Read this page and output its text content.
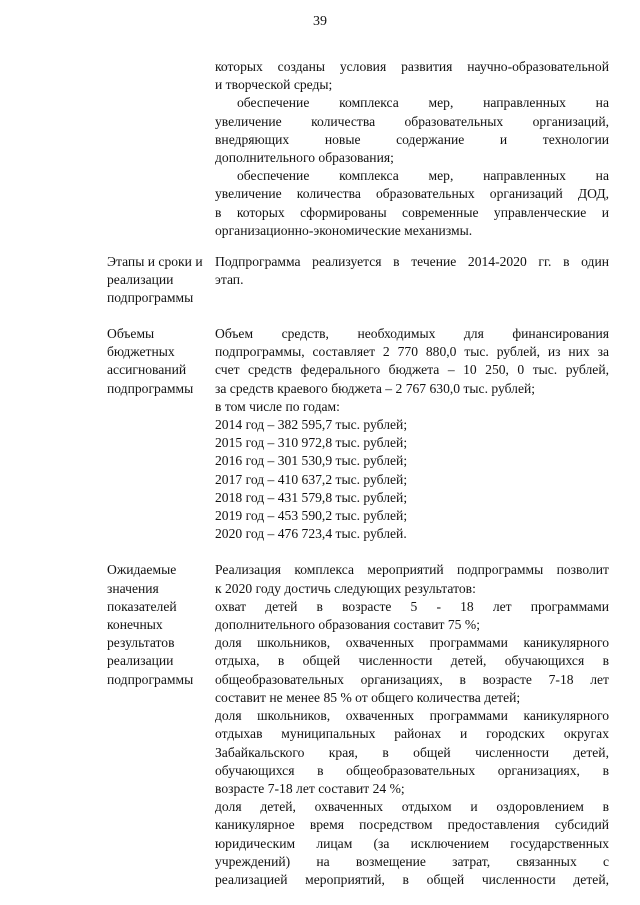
39

которых созданы условия развития научно-образовательной

и творческой среды;

обеспечение комплекса мер, направленных на

увеличение количества образовательных организаций,

внедряющих новые содержание и технологии

дополнительного образования;

обеспечение комплекса мер, направленных на

увеличение количества образовательных организаций ДОД,

в которых сформированы современные управленческие и

организационно-экономические механизмы.

Этапы и сроки и реализации подпрограммы

Подпрограмма реализуется в течение 2014-2020 гг. в один

этап.

Объемы бюджетных ассигнований подпрограммы

Объем средств, необходимых для финансирования

подпрограммы, составляет 2 770 880,0 тыс. рублей, из них за

счет средств федерального бюджета – 10 250, 0 тыс. рублей,

за средств краевого бюджета – 2 767 630,0 тыс. рублей;

в том числе по годам:

2014 год – 382 595,7 тыс. рублей;

2015 год – 310 972,8 тыс. рублей;

2016 год – 301 530,9 тыс. рублей;

2017 год – 410 637,2 тыс. рублей;

2018 год – 431 579,8 тыс. рублей;

2019 год – 453 590,2 тыс. рублей;

2020 год – 476 723,4 тыс. рублей.

Ожидаемые значения показателей конечных результатов реализации подпрограммы

Реализация комплекса мероприятий подпрограммы позволит

к 2020 году достичь следующих результатов:

охват детей в возрасте 5 - 18 лет программами

дополнительного образования составит 75 %;

доля школьников, охваченных программами каникулярного

отдыха, в общей численности детей, обучающихся в

общеобразовательных организациях, в возрасте 7-18 лет

составит не менее 85 % от общего количества детей;

доля школьников, охваченных программами каникулярного

отдыхав муниципальных районах и городских округах

Забайкальского края, в общей численности детей,

обучающихся в общеобразовательных организациях, в

возрасте 7-18 лет составит 24 %;

доля детей, охваченных отдыхом и оздоровлением в

каникулярное время посредством предоставления субсидий

юридическим лицам (за исключением государственных

учреждений) на возмещение затрат, связанных с

реализацией мероприятий, в общей численности детей,
